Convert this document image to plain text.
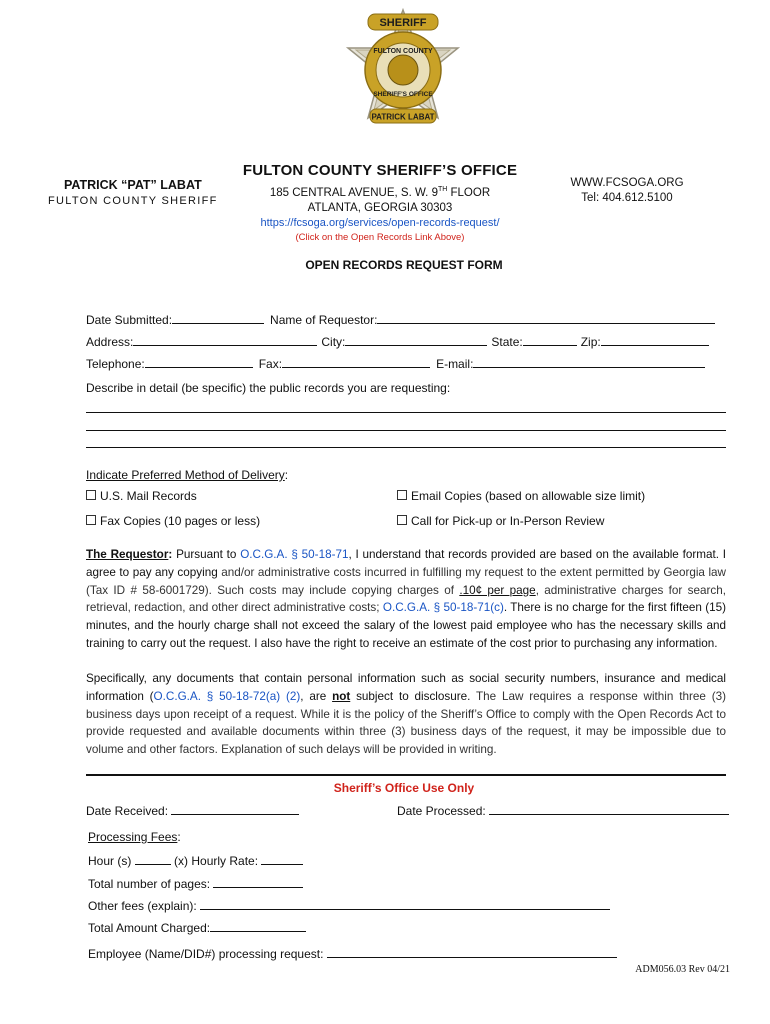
SHERIFF
FULTON COUNTY
SHERIFF'S OFFICE
PATRICK LABAT
PATRICK “PAT” LABAT
FULTON COUNTY SHERIFF
FULTON COUNTY SHERIFF’S OFFICE
185 CENTRAL AVENUE, S. W. 9TH FLOOR
ATLANTA, GEORGIA 30303
https://fcsoga.org/services/open-records-request/
(Click on the Open Records Link Above)
WWW.FCSOGA.ORG
Tel: 404.612.5100
OPEN RECORDS REQUEST FORM
Date Submitted:	Name of Requestor:
Address:	City:	State:	Zip:
Telephone:	Fax:	E-mail:
Describe in detail (be specific) the public records you are requesting:
Indicate Preferred Method of Delivery:
U.S. Mail Records	Email Copies (based on allowable size limit)
Fax Copies (10 pages or less)	Call for Pick-up or In-Person Review
The Requestor: Pursuant to O.C.G.A. § 50-18-71, I understand that records provided are based on the available format. I agree to pay any copying and/or administrative costs incurred in fulfilling my request to the extent permitted by Georgia law (Tax ID # 58-6001729). Such costs may include copying charges of .10¢ per page, administrative charges for search, retrieval, redaction, and other direct administrative costs; O.C.G.A. § 50-18-71(c). There is no charge for the first fifteen (15) minutes, and the hourly charge shall not exceed the salary of the lowest paid employee who has the necessary skills and training to carry out the request. I also have the right to receive an estimate of the cost prior to purchasing any information.
Specifically, any documents that contain personal information such as social security numbers, insurance and medical information (O.C.G.A. § 50-18-72(a) (2), are not subject to disclosure. The Law requires a response within three (3) business days upon receipt of a request. While it is the policy of the Sheriff’s Office to comply with the Open Records Act to provide requested and available documents within three (3) business days of the request, it may be impossible due to volume and other factors. Explanation of such delays will be provided in writing.
Sheriff’s Office Use Only
Date Received:	Date Processed:
Processing Fees:
Hour (s)	(x) Hourly Rate:
Total number of pages:
Other fees (explain):
Total Amount Charged:
Employee (Name/DID#) processing request:
ADM056.03 Rev 04/21
